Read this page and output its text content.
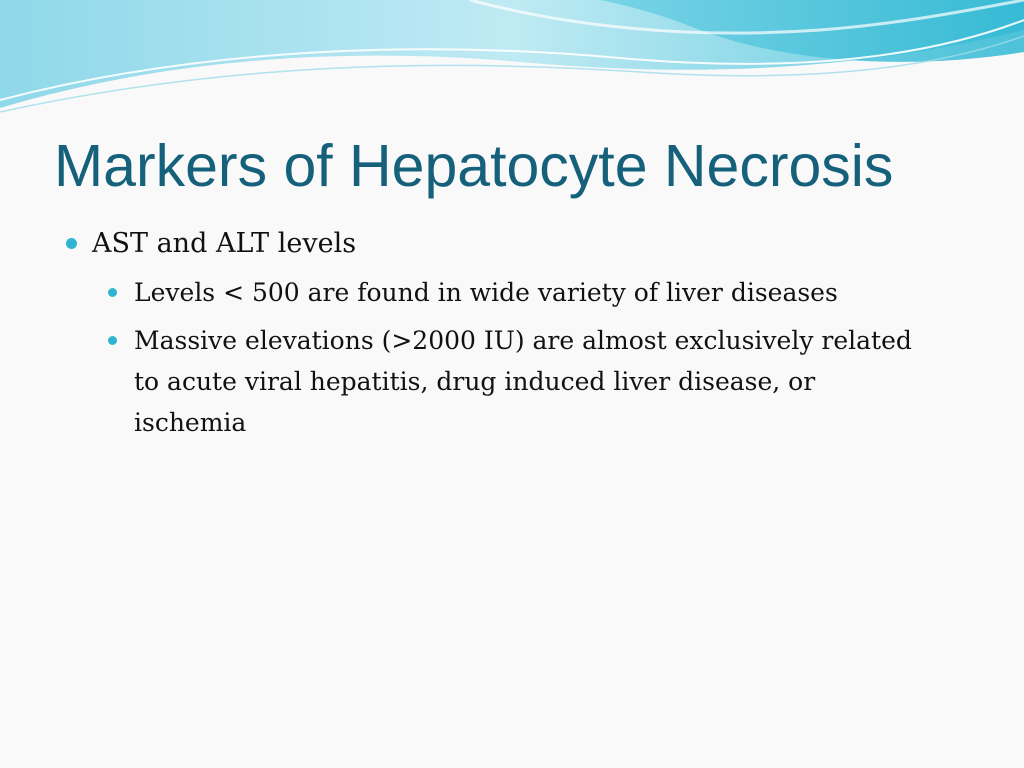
Markers of Hepatocyte Necrosis
AST and ALT levels
Levels < 500 are found in wide variety of liver diseases
Massive elevations (>2000 IU) are almost exclusively related to acute viral hepatitis, drug induced liver disease, or ischemia
